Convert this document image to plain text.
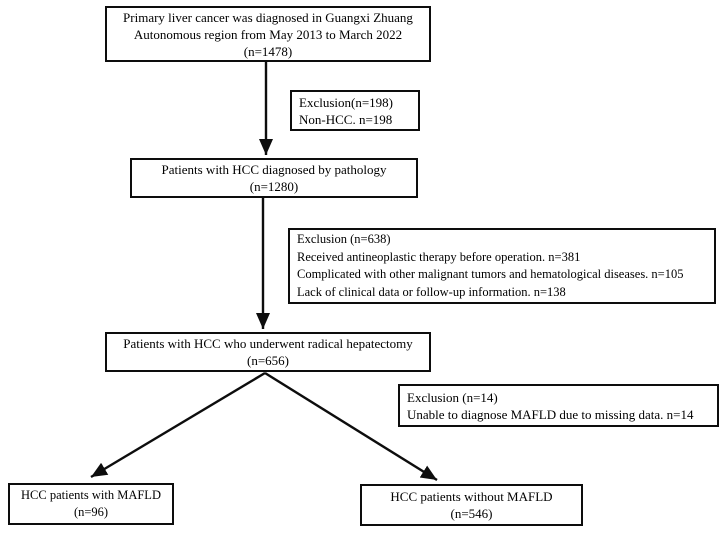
Primary liver cancer was diagnosed in Guangxi Zhuang
Autonomous region from May 2013 to March 2022
(n=1478)
Exclusion(n=198)
Non-HCC. n=198
Patients with HCC diagnosed by pathology
(n=1280)
Exclusion (n=638)
Received antineoplastic therapy before operation. n=381
Complicated with other malignant tumors and hematological diseases. n=105
Lack of clinical data or follow-up information. n=138
Patients with HCC who underwent radical hepatectomy
(n=656)
Exclusion (n=14)
Unable to diagnose MAFLD due to missing data. n=14
HCC patients with MAFLD
(n=96)
HCC patients without MAFLD
(n=546)
